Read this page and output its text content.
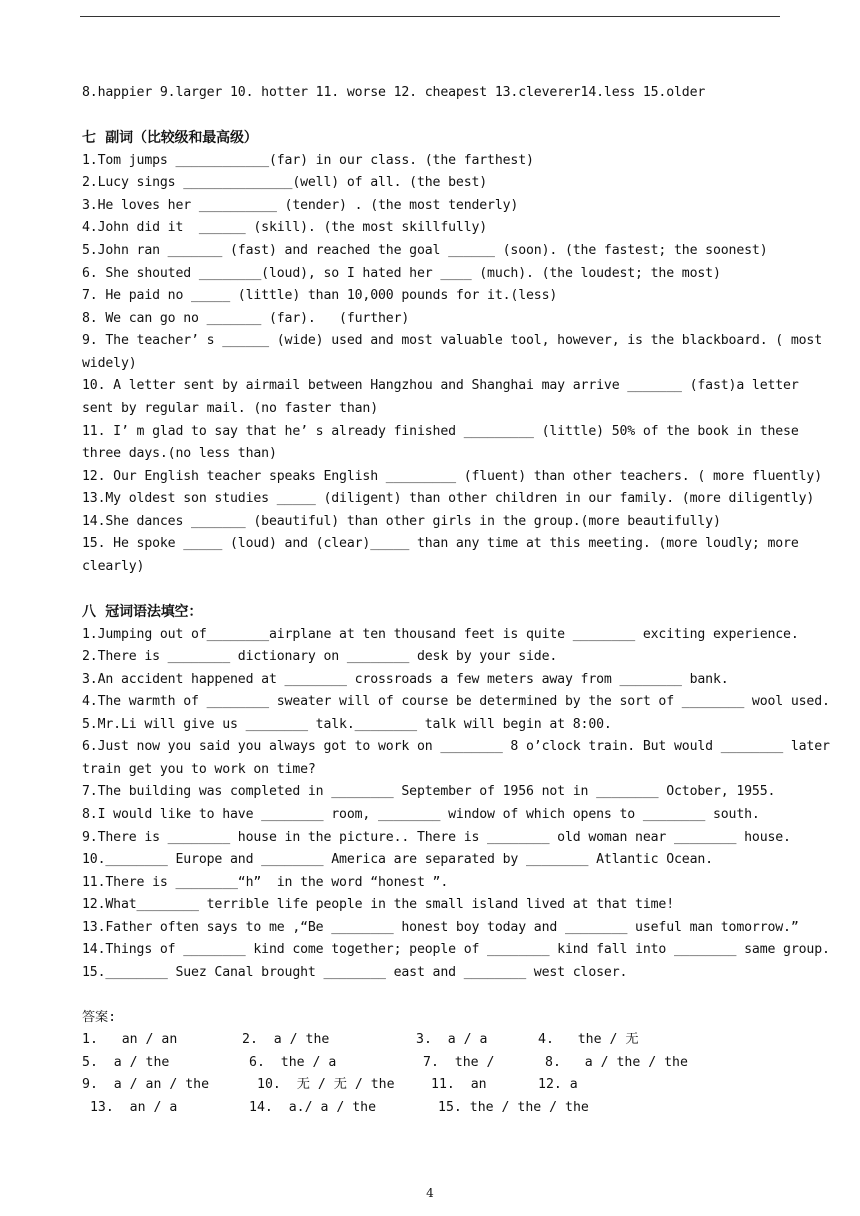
8.happier 9.larger 10. hotter 11. worse 12. cheapest 13.cleverer14.less 15.older
七  副词（比较级和最高级）
1.Tom jumps ____________(far) in our class. (the farthest)
2.Lucy sings ______________(well) of all. (the best)
3.He loves her __________ (tender) . (the most tenderly)
4.John did it  ______ (skill). (the most skillfully)
5.John ran _______ (fast) and reached the goal ______ (soon). (the fastest; the soonest)
6. She shouted ________(loud), so I hated her ____ (much). (the loudest; the most)
7. He paid no _____ (little) than 10,000 pounds for it.(less)
8. We can go no _______ (far).   (further)
9. The teacher’ s ______ (wide) used and most valuable tool, however, is the blackboard. ( most
widely)
10. A letter sent by airmail between Hangzhou and Shanghai may arrive _______ (fast)a letter
sent by regular mail. (no faster than)
11. I’ m glad to say that he’ s already finished _________ (little) 50% of the book in these
three days.(no less than)
12. Our English teacher speaks English _________ (fluent) than other teachers. ( more fluently)
13.My oldest son studies _____ (diligent) than other children in our family. (more diligently)
14.She dances _______ (beautiful) than other girls in the group.(more beautifully)
15. He spoke _____ (loud) and (clear)_____ than any time at this meeting. (more loudly; more
clearly)
八  冠词语法填空：
1.Jumping out of________airplane at ten thousand feet is quite ________ exciting experience.
2.There is ________ dictionary on ________ desk by your side.
3.An accident happened at ________ crossroads a few meters away from ________ bank.
4.The warmth of ________ sweater will of course be determined by the sort of ________ wool used.
5.Mr.Li will give us ________ talk.________ talk will begin at 8:00.
6.Just now you said you always got to work on ________ 8 o’clock train. But would ________ later
train get you to work on time?
7.The building was completed in ________ September of 1956 not in ________ October, 1955.
8.I would like to have ________ room, ________ window of which opens to ________ south.
9.There is ________ house in the picture.. There is ________ old woman near ________ house.
10.________ Europe and ________ America are separated by ________ Atlantic Ocean.
11.There is ________“h”  in the word “honest ”.
12.What________ terrible life people in the small island lived at that time!
13.Father often says to me ,“Be ________ honest boy today and ________ useful man tomorrow.”
14.Things of ________ kind come together; people of ________ kind fall into ________ same group.
15.________ Suez Canal brought ________ east and ________ west closer.
答案:
1.   an / an	2.  a / the	3.  a / a	4.   the / 无
5.  a / the	6.  the / a	7.  the /	8.   a / the / the
9.  a / an / the	10.  无 / 无 / the	11.  an	12. a
13.  an / a	14.  a./ a / the	15. the / the / the
4
